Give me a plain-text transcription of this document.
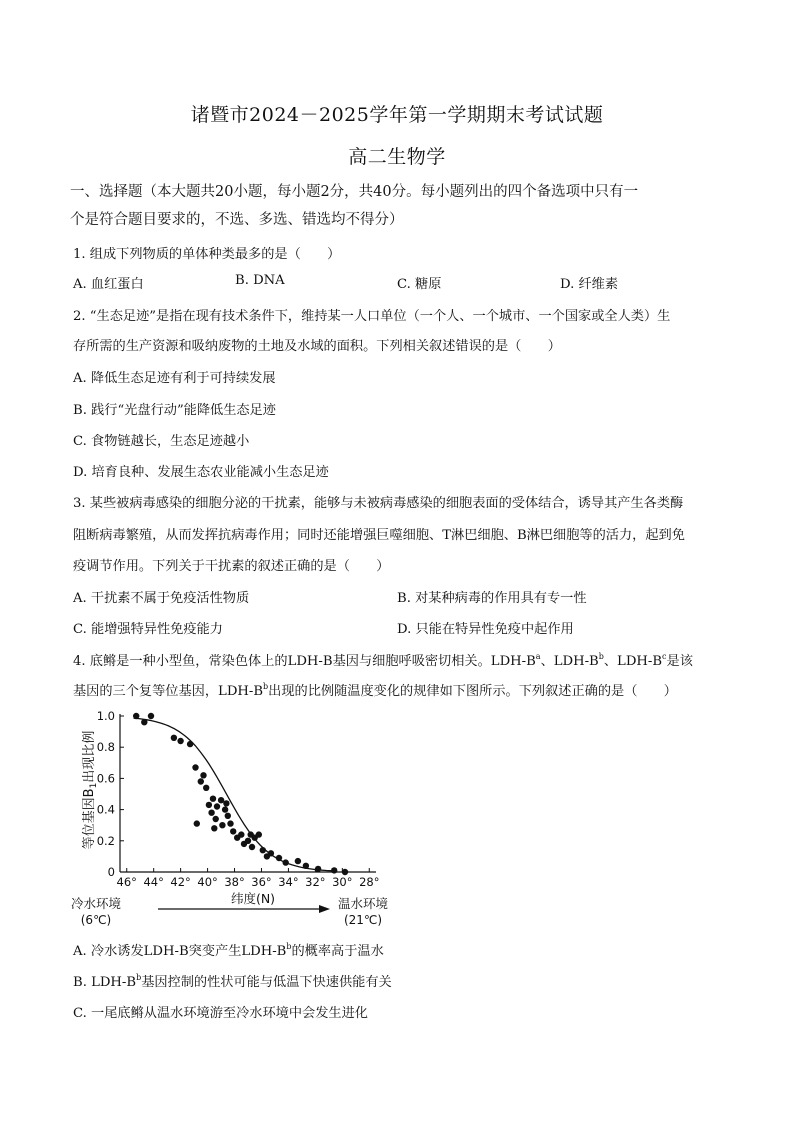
诸暨市2024－2025学年第一学期期末考试试题
高二生物学
一、选择题（本大题共20小题，每小题2分，共40分。每小题列出的四个备选项中只有一
个是符合题目要求的，不选、多选、错选均不得分）
1. 组成下列物质的单体种类最多的是（　　）
A. 血红蛋白	B. DNA	C. 糖原	D. 纤维素
2. “生态足迹”是指在现有技术条件下，维持某一人口单位（一个人、一个城市、一个国家或全人类）生
存所需的生产资源和吸纳废物的土地及水域的面积。下列相关叙述错误的是（　　）
A. 降低生态足迹有利于可持续发展
B. 践行“光盘行动”能降低生态足迹
C. 食物链越长，生态足迹越小
D. 培育良种、发展生态农业能减小生态足迹
3. 某些被病毒感染的细胞分泌的干扰素，能够与未被病毒感染的细胞表面的受体结合，诱导其产生各类酶
阻断病毒繁殖，从而发挥抗病毒作用；同时还能增强巨噬细胞、T淋巴细胞、B淋巴细胞等的活力，起到免
疫调节作用。下列关于干扰素的叙述正确的是（　　）
A. 干扰素不属于免疫活性物质	B. 对某种病毒的作用具有专一性
C. 能增强特异性免疫能力	D. 只能在特异性免疫中起作用
4. 底鳉是一种小型鱼，常染色体上的LDH-B基因与细胞呼吸密切相关。LDH-$B^a$、LDH-$B^b$、LDH-$B^c$是该
基因的三个复等位基因，LDH-$B^b$出现的比例随温度变化的规律如下图所示。下列叙述正确的是（　　）
46° 44° 42° 40° 38° 36° 34° 32° 30° 28°
0
0.2
0.4
0.6
0.8
1.0
等位基因$B_1$出现比例
冷水环境
(6℃)
纬度(N)	温水环境
(21℃)
A. 冷水诱发LDH-B突变产生LDH-$B^b$的概率高于温水
B. LDH-$B^b$基因控制的性状可能与低温下快速供能有关
C. 一尾底鳉从温水环境游至冷水环境中会发生进化
